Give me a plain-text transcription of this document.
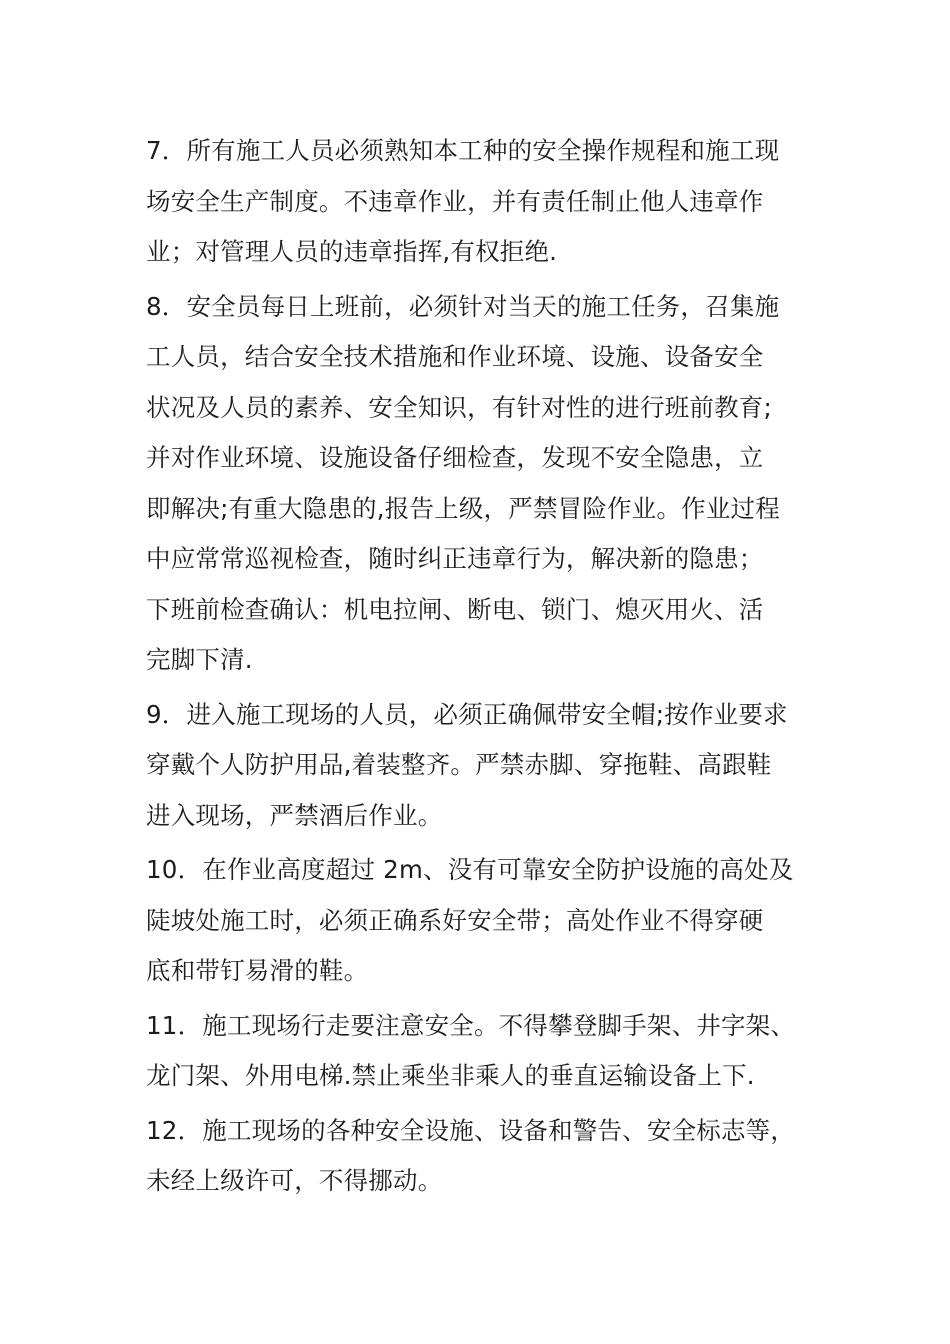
7．所有施工人员必须熟知本工种的安全操作规程和施工现
场安全生产制度。不违章作业，并有责任制止他人违章作
业；对管理人员的违章指挥,有权拒绝.
8．安全员每日上班前，必须针对当天的施工任务，召集施
工人员，结合安全技术措施和作业环境、设施、设备安全
状况及人员的素养、安全知识，有针对性的进行班前教育;
并对作业环境、设施设备仔细检查，发现不安全隐患，立
即解决;有重大隐患的,报告上级，严禁冒险作业。作业过程
中应常常巡视检查，随时纠正违章行为，解决新的隐患；
下班前检查确认：机电拉闸、断电、锁门、熄灭用火、活
完脚下清.
9．进入施工现场的人员，必须正确佩带安全帽;按作业要求
穿戴个人防护用品,着装整齐。严禁赤脚、穿拖鞋、高跟鞋
进入现场，严禁酒后作业。
10．在作业高度超过 2m、没有可靠安全防护设施的高处及
陡坡处施工时，必须正确系好安全带；高处作业不得穿硬
底和带钉易滑的鞋。
11．施工现场行走要注意安全。不得攀登脚手架、井字架、
龙门架、外用电梯.禁止乘坐非乘人的垂直运输设备上下.
12．施工现场的各种安全设施、设备和警告、安全标志等，
未经上级许可，不得挪动。
